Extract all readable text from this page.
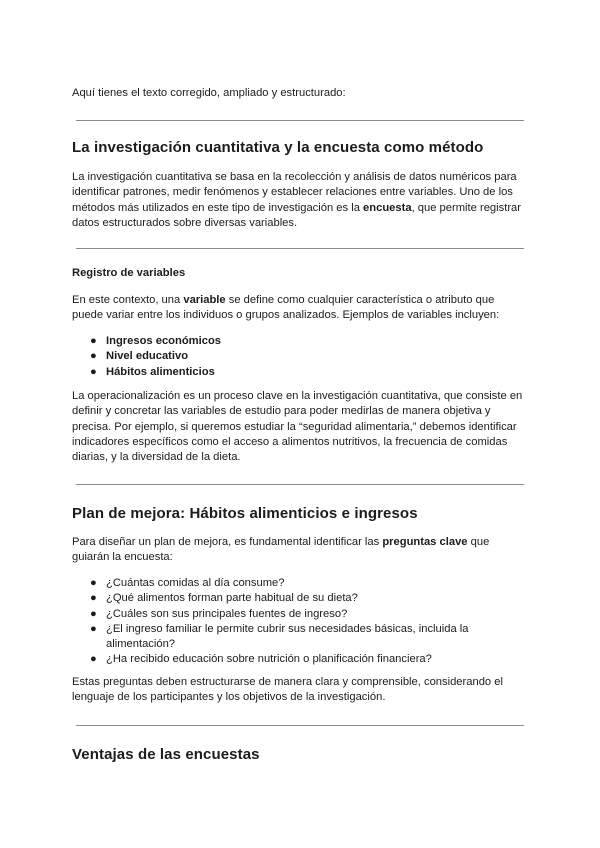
Aquí tienes el texto corregido, ampliado y estructurado:

La investigación cuantitativa y la encuesta como método

La investigación cuantitativa se basa en la recolección y análisis de datos numéricos para identificar patrones, medir fenómenos y establecer relaciones entre variables. Uno de los métodos más utilizados en este tipo de investigación es la encuesta, que permite registrar datos estructurados sobre diversas variables.

Registro de variables

En este contexto, una variable se define como cualquier característica o atributo que puede variar entre los individuos o grupos analizados. Ejemplos de variables incluyen:

● Ingresos económicos
● Nivel educativo
● Hábitos alimenticios

La operacionalización es un proceso clave en la investigación cuantitativa, que consiste en definir y concretar las variables de estudio para poder medirlas de manera objetiva y precisa. Por ejemplo, si queremos estudiar la “seguridad alimentaria,” debemos identificar indicadores específicos como el acceso a alimentos nutritivos, la frecuencia de comidas diarias, y la diversidad de la dieta.

Plan de mejora: Hábitos alimenticios e ingresos

Para diseñar un plan de mejora, es fundamental identificar las preguntas clave que guiarán la encuesta:

● ¿Cuántas comidas al día consume?
● ¿Qué alimentos forman parte habitual de su dieta?
● ¿Cuáles son sus principales fuentes de ingreso?
● ¿El ingreso familiar le permite cubrir sus necesidades básicas, incluida la alimentación?
● ¿Ha recibido educación sobre nutrición o planificación financiera?

Estas preguntas deben estructurarse de manera clara y comprensible, considerando el lenguaje de los participantes y los objetivos de la investigación.

Ventajas de las encuestas
